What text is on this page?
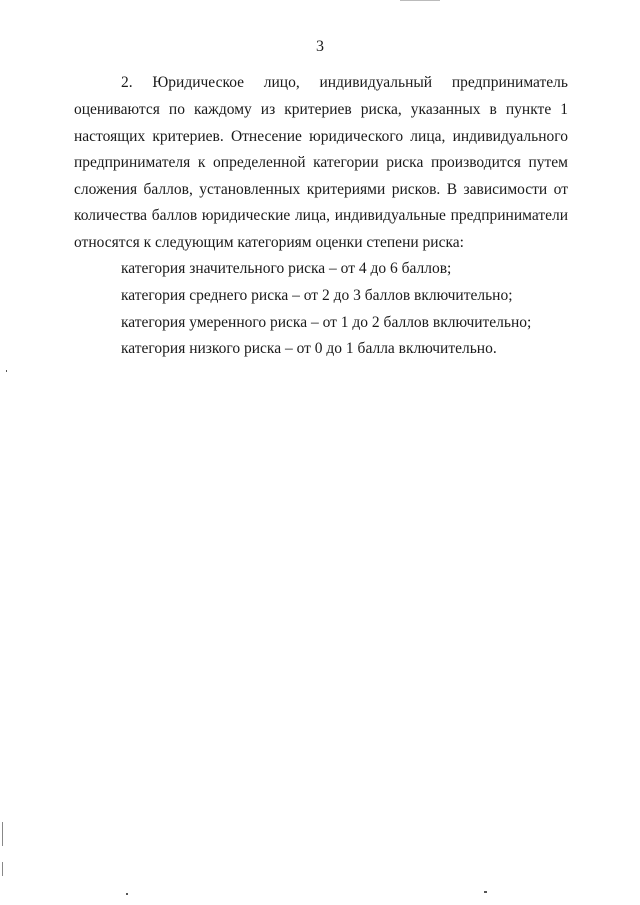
3
2. Юридическое лицо, индивидуальный предприниматель
оцениваются по каждому из критериев риска, указанных в пункте 1
настоящих критериев. Отнесение юридического лица, индивидуального
предпринимателя к определенной категории риска производится путем
сложения баллов, установленных критериями рисков. В зависимости от
количества баллов юридические лица, индивидуальные предприниматели
относятся к следующим категориям оценки степени риска:
категория значительного риска – от 4 до 6 баллов;
категория среднего риска – от 2 до 3 баллов включительно;
категория умеренного риска – от 1 до 2 баллов включительно;
категория низкого риска – от 0 до 1 балла включительно.
